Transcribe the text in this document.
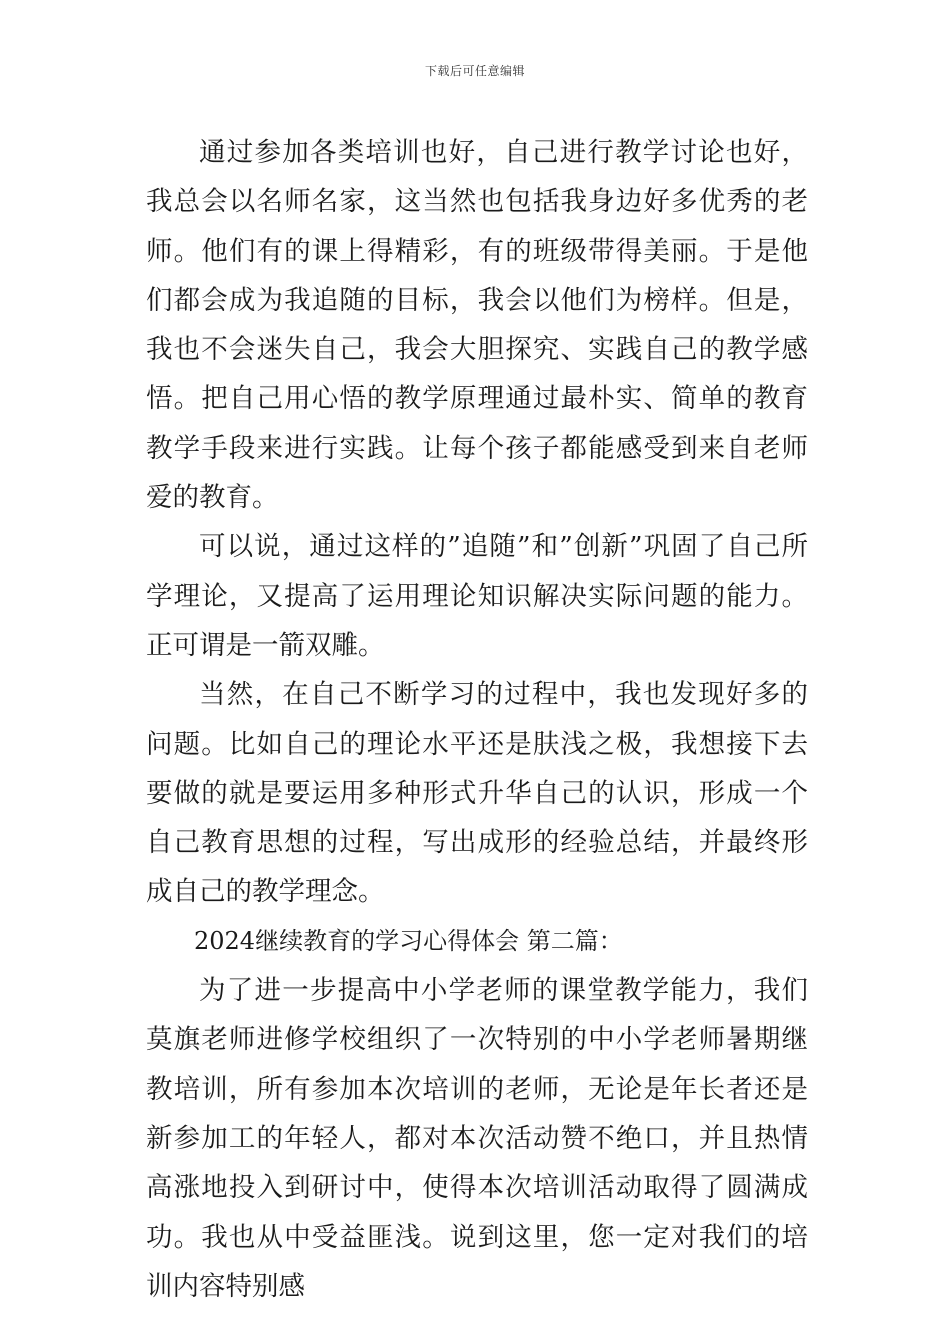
下载后可任意编辑

通过参加各类培训也好，自己进行教学讨论也好，我总会以名师名家，这当然也包括我身边好多优秀的老师。他们有的课上得精彩，有的班级带得美丽。于是他们都会成为我追随的目标，我会以他们为榜样。但是，我也不会迷失自己，我会大胆探究、实践自己的教学感悟。把自己用心悟的教学原理通过最朴实、简单的教育教学手段来进行实践。让每个孩子都能感受到来自老师爱的教育。

可以说，通过这样的”追随”和”创新”巩固了自己所学理论，又提高了运用理论知识解决实际问题的能力。正可谓是一箭双雕。

当然，在自己不断学习的过程中，我也发现好多的问题。比如自己的理论水平还是肤浅之极，我想接下去要做的就是要运用多种形式升华自己的认识，形成一个自己教育思想的过程，写出成形的经验总结，并最终形成自己的教学理念。

2024继续教育的学习心得体会 第二篇：

为了进一步提高中小学老师的课堂教学能力，我们莫旗老师进修学校组织了一次特别的中小学老师暑期继教培训，所有参加本次培训的老师，无论是年长者还是新参加工的年轻人，都对本次活动赞不绝口，并且热情高涨地投入到研讨中，使得本次培训活动取得了圆满成功。我也从中受益匪浅。说到这里，您一定对我们的培训内容特别感
